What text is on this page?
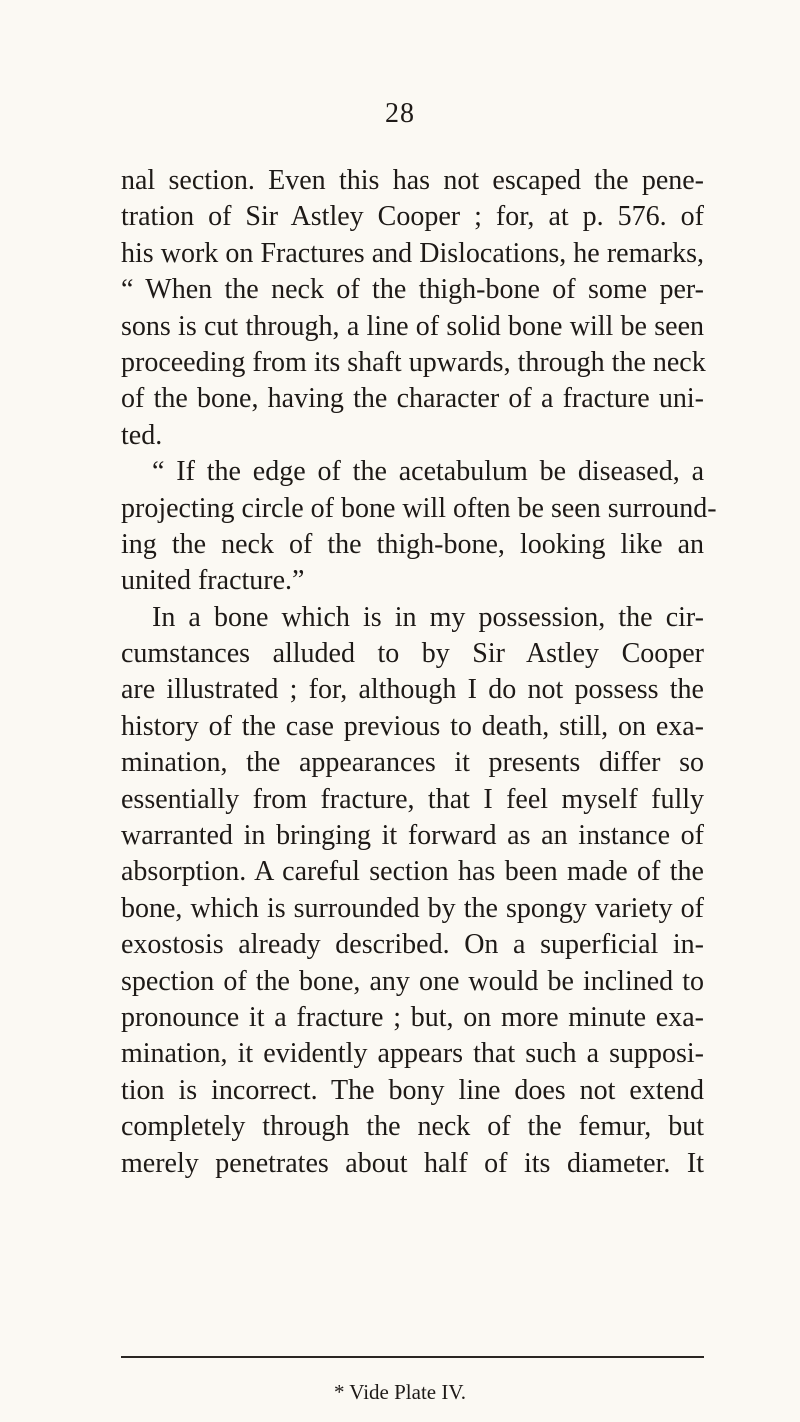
28
nal section. Even this has not escaped the pene-
tration of Sir Astley Cooper ; for, at p. 576. of
his work on Fractures and Dislocations, he remarks,
“ When the neck of the thigh-bone of some per-
sons is cut through, a line of solid bone will be seen
proceeding from its shaft upwards, through the neck
of the bone, having the character of a fracture uni-
ted.
“ If the edge of the acetabulum be diseased, a
projecting circle of bone will often be seen surround-
ing the neck of the thigh-bone, looking like an
united fracture.”
In a bone which is in my possession, the cir-
cumstances alluded to by Sir Astley Cooper
are illustrated ; for, although I do not possess the
history of the case previous to death, still, on exa-
mination, the appearances it presents differ so
essentially from fracture, that I feel myself fully
warranted in bringing it forward as an instance of
absorption. A careful section has been made of the
bone, which is surrounded by the spongy variety of
exostosis already described. On a superficial in-
spection of the bone, any one would be inclined to
pronounce it a fracture ; but, on more minute exa-
mination, it evidently appears that such a supposi-
tion is incorrect. The bony line does not extend
completely through the neck of the femur, but
merely penetrates about half of its diameter. It
* Vide Plate IV.
